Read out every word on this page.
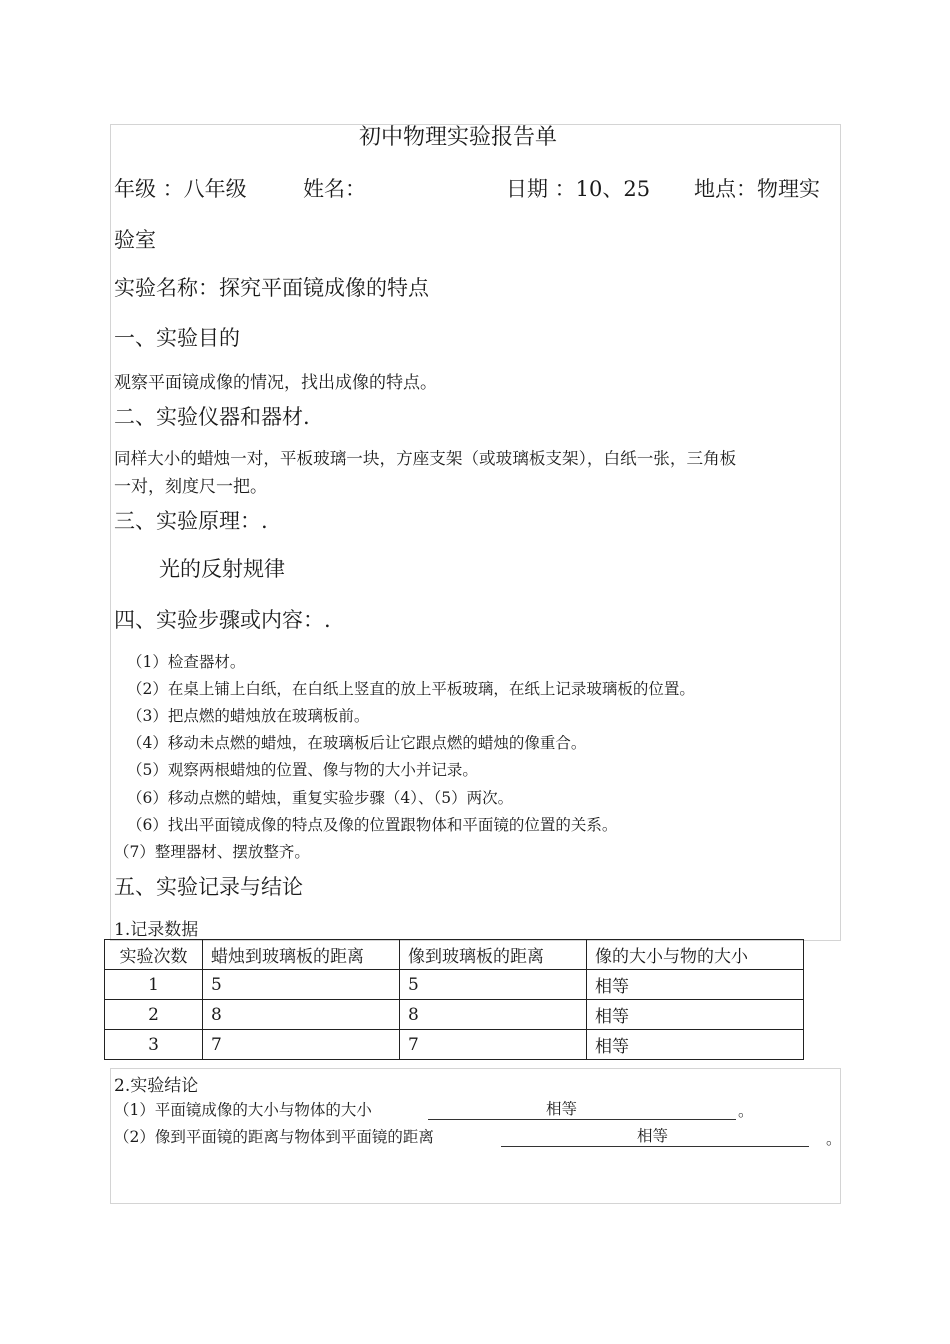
初中物理实验报告单
年级 ：八年级	姓名：	日期 ：10、25 地点：物理实
验室
实验名称：探究平面镜成像的特点
一、实验目的
观察平面镜成像的情况，找出成像的特点。
二、实验仪器和器材.
同样大小的蜡烛一对，平板玻璃一块，方座支架（或玻璃板支架），白纸一张，三角板
一对，刻度尺一把。
三、实验原理：.
光的反射规律
四、实验步骤或内容：.
（1）检查器材。
（2）在桌上铺上白纸，在白纸上竖直的放上平板玻璃，在纸上记录玻璃板的位置。
（3）把点燃的蜡烛放在玻璃板前。
（4）移动未点燃的蜡烛，在玻璃板后让它跟点燃的蜡烛的像重合。
（5）观察两根蜡烛的位置、像与物的大小并记录。
（6）移动点燃的蜡烛，重复实验步骤（4）、（5）两次。
（6）找出平面镜成像的特点及像的位置跟物体和平面镜的位置的关系。
（7）整理器材、摆放整齐。
五、实验记录与结论
1.记录数据
实验次数	蜡烛到玻璃板的距离	像到玻璃板的距离	像的大小与物的大小
1	5	5	相等
2	8	8	相等
3	7	7	相等
2.实验结论
（1）平面镜成像的大小与物体的大小	相等	。
（2）像到平面镜的距离与物体到平面镜的距离	相等	。
